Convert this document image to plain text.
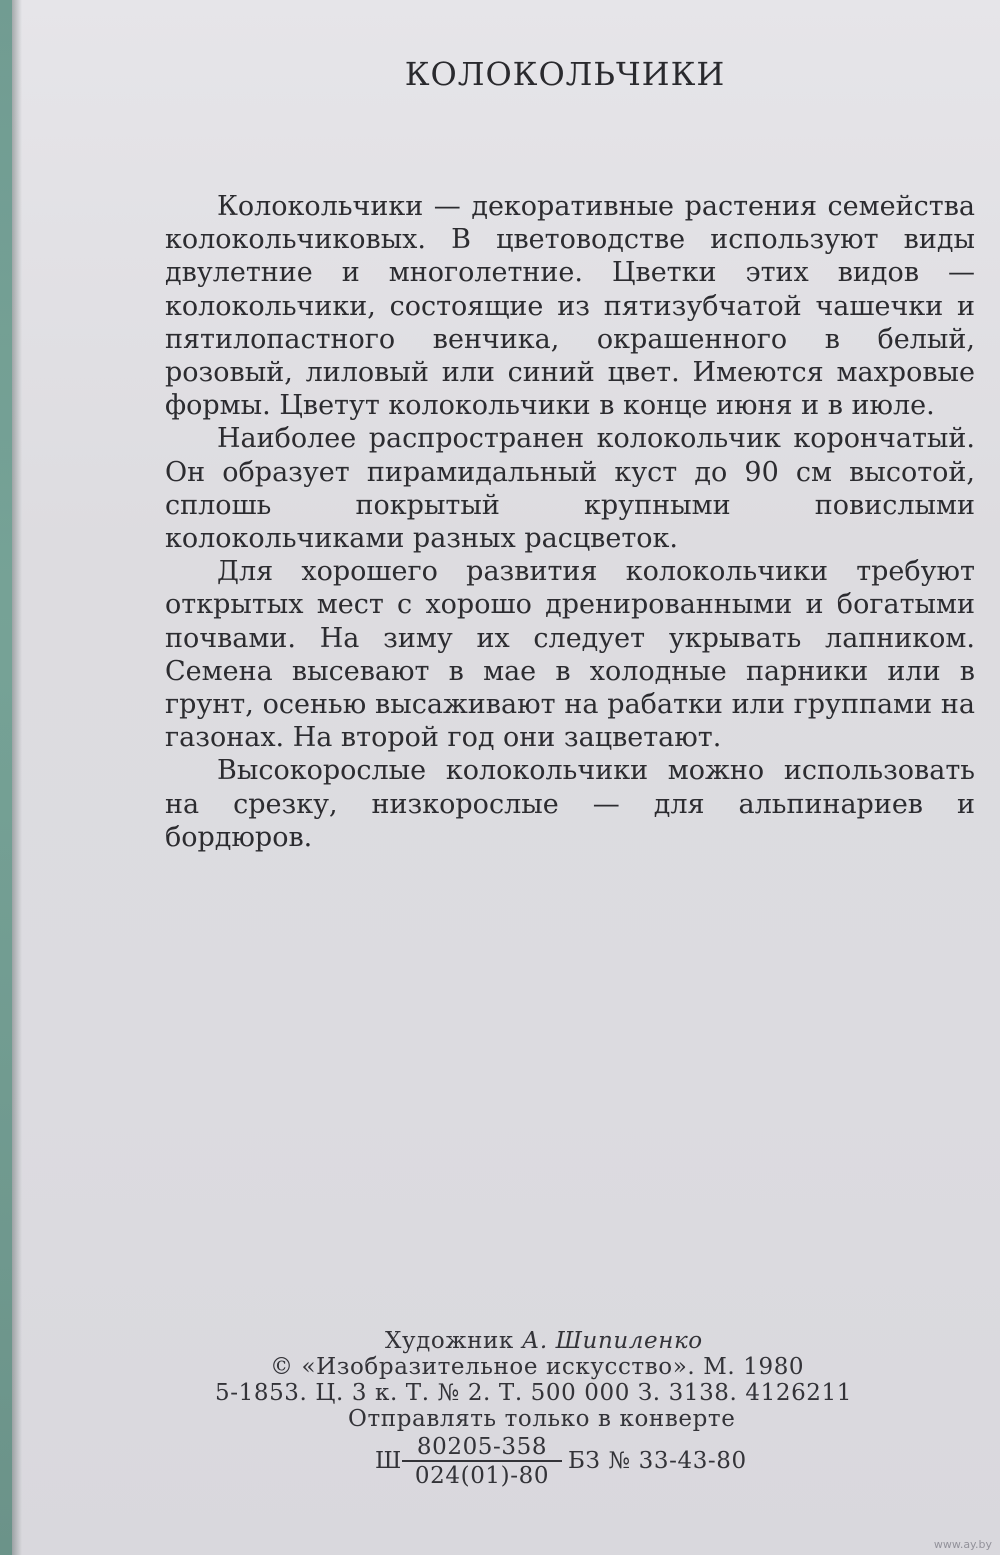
КОЛОКОЛЬЧИКИ

Колокольчики — декоративные растения семейства колокольчиковых. В цветоводстве используют виды двулетние и многолетние. Цветки этих видов — колокольчики, состоящие из пятизубчатой чашечки и пятилопастного венчика, окрашенного в белый, розовый, лиловый или синий цвет. Имеются махровые формы. Цветут колокольчики в конце июня и в июле.

Наиболее распространен колокольчик корончатый. Он образует пирамидальный куст до 90 см высотой, сплошь покрытый крупными повислыми колокольчиками разных расцветок.

Для хорошего развития колокольчики требуют открытых мест с хорошо дренированными и богатыми почвами. На зиму их следует укрывать лапником. Семена высевают в мае в холодные парники или в грунт, осенью высаживают на рабатки или группами на газонах. На второй год они зацветают.

Высокорослые колокольчики можно использовать на срезку, низкорослые — для альпинариев и бордюров.

Художник А. Шипиленко
© «Изобразительное искусство». М. 1980
5-1853. Ц. 3 к. Т. № 2. Т. 500 000 З. 3138. 4126211
Отправлять только в конверте
Ш $\frac{80205-358}{024(01)-80}$ БЗ № 33-43-80
www.ay.by
